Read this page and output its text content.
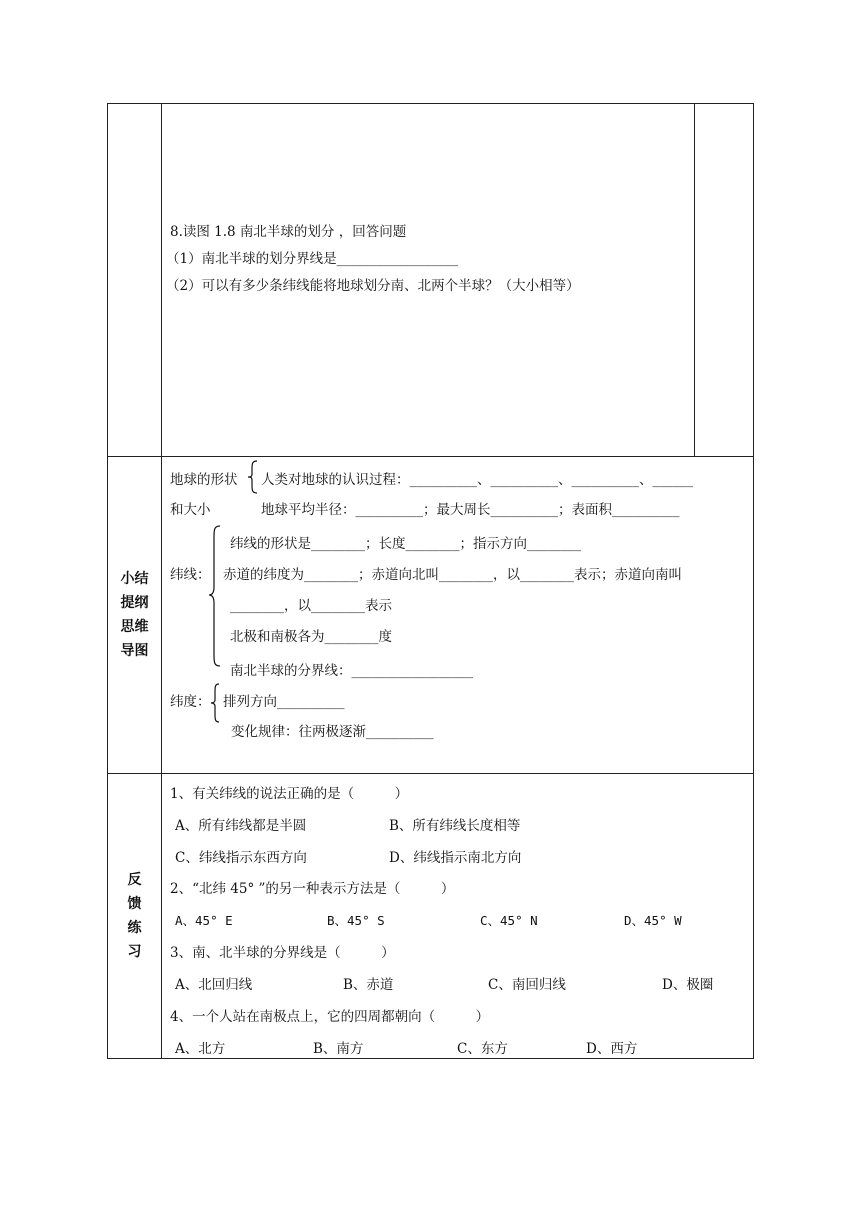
8.读图 1.8 南北半球的划分 ，回答问题
（1）南北半球的划分界线是__________________
（2）可以有多少条纬线能将地球划分南、北两个半球？（大小相等）
小结
提纲
思维
导图
地球的形状 人类对地球的认识过程：__________、__________、__________、______
和大小	地球平均半径：__________；最大周长__________；表面积__________
纬线：
纬线的形状是________；长度________；指示方向________
赤道的纬度为________；赤道向北叫________，以________表示；赤道向南叫
________，以________表示
北极和南极各为________度
南北半球的分界线：__________________
纬度： 排列方向__________
变化规律：往两极逐渐__________
反
馈
练
习
1、有关纬线的说法正确的是（　　　）
A、所有纬线都是半圆	B、所有纬线长度相等
C、纬线指示东西方向	D、纬线指示南北方向
2、“北纬 45° ”的另一种表示方法是（　　　）
A、45° E	B、45° S	C、45° N	D、45° W
3、南、北半球的分界线是（　　　）
A、北回归线	B、赤道	C、南回归线	D、极圈
4、一个人站在南极点上，它的四周都朝向（　　　）
A、北方	B、南方	C、东方	D、西方
